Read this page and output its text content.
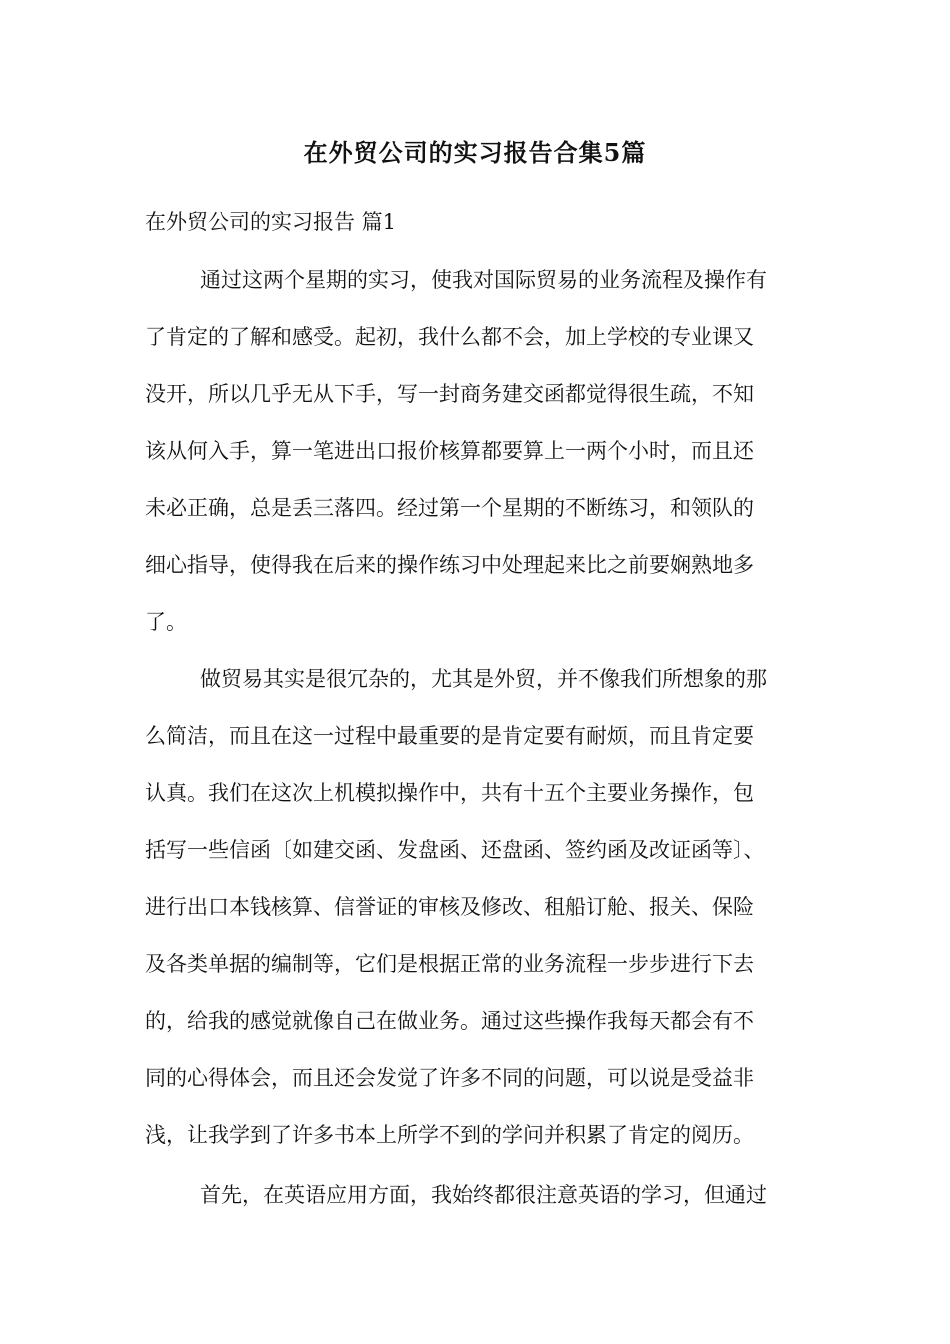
在外贸公司的实习报告合集5篇

在外贸公司的实习报告 篇1

通过这两个星期的实习，使我对国际贸易的业务流程及操作有

了肯定的了解和感受。起初，我什么都不会，加上学校的专业课又

没开，所以几乎无从下手，写一封商务建交函都觉得很生疏，不知

该从何入手，算一笔进出口报价核算都要算上一两个小时，而且还

未必正确，总是丢三落四。经过第一个星期的不断练习，和领队的

细心指导，使得我在后来的操作练习中处理起来比之前要娴熟地多

了。

做贸易其实是很冗杂的，尤其是外贸，并不像我们所想象的那

么简洁，而且在这一过程中最重要的是肯定要有耐烦，而且肯定要

认真。我们在这次上机模拟操作中，共有十五个主要业务操作，包

括写一些信函〔如建交函、发盘函、还盘函、签约函及改证函等〕、

进行出口本钱核算、信誉证的审核及修改、租船订舱、报关、保险

及各类单据的编制等，它们是根据正常的业务流程一步步进行下去

的，给我的感觉就像自己在做业务。通过这些操作我每天都会有不

同的心得体会，而且还会发觉了许多不同的问题，可以说是受益非

浅，让我学到了许多书本上所学不到的学问并积累了肯定的阅历。

首先，在英语应用方面，我始终都很注意英语的学习，但通过
